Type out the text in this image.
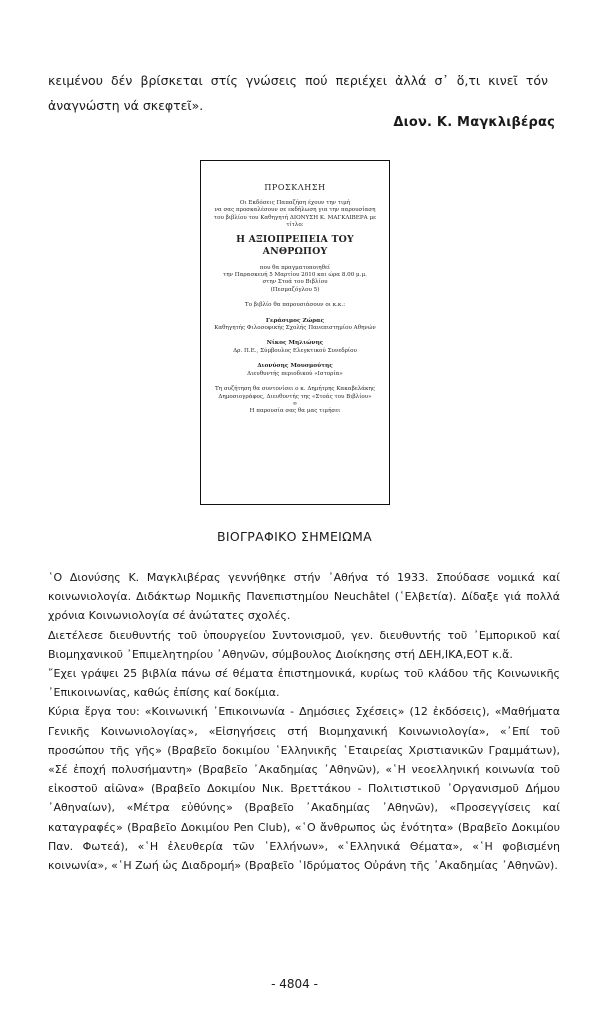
κειμένου δέν βρίσκεται στίς γνώσεις πού περιέχει ἀλλά σ᾿ ὅ,τι κινεῖ τόν ἀναγνώστη νά σκεφτεῖ».

Διον. Κ. Μαγκλιβέρας

ΠΡΟΣΚΛΗΣΗ

Οι Εκδόσεις Παπαζήση έχουν την τιμή

να σας προσκαλέσουν σε εκδήλωση για την παρουσίαση

του βιβλίου του Καθηγητή ΔΙΟΝΥΣΗ Κ. ΜΑΓΚΛΙΒΕΡΑ με τίτλο:

Η ΑΞΙΟΠΡΕΠΕΙΑ ΤΟΥ ΑΝΘΡΩΠΟΥ

που θα πραγματοποιηθεί

την Παρασκευή 5 Μαρτίου 2010 και ώρα 8.00 μ.μ.

στην Στοά του Βιβλίου

(Πεσμαζόγλου 5)

Το βιβλίο θα παρουσιάσουν οι κ.κ.:

Γεράσιμος Ζώρας

Καθηγητής Φιλοσοφικής Σχολής Πανεπιστημίου Αθηνών

Νίκος Μηλιώνης

Δρ. Π.Ε., Σύμβουλος Ελεγκτικού Συνεδρίου

Διονύσης Μουσμούτης

Διευθυντής περιοδικού «Ιστορία»

Τη συζήτηση θα συντονίσει ο κ. Δημήτρης Κακαβελάκης

Δημοσιογράφος, Διευθυντής της «Στοάς του Βιβλίου»

∞

Η παρουσία σας θα μας τιμήσει

ΒΙΟΓΡΑΦΙΚΟ ΣΗΜΕΙΩΜΑ

῾Ο Διονύσης Κ. Μαγκλιβέρας γεννήθηκε στήν ᾿Αθήνα τό 1933. Σπούδασε νομικά καί κοινωνιολογία. Διδάκτωρ Νομικῆς Πανεπιστημίου Neuchâtel (῾Ελβετία). Δίδαξε γιά πολλά χρόνια Κοινωνιολογία σέ ἀνώτατες σχολές.

Διετέλεσε διευθυντής τοῦ ὑπουργείου Συντονισμοῦ, γεν. διευθυντής τοῦ ᾿Εμπορικοῦ καί Βιομηχανικοῦ ᾿Επιμελητηρίου ᾿Αθηνῶν, σύμβουλος Διοίκησης στή ΔΕΗ,ΙΚΑ,ΕΟΤ κ.ἄ.

῎Εχει γράψει 25 βιβλία πάνω σέ θέματα ἐπιστημονικά, κυρίως τοῦ κλάδου τῆς Κοινωνικῆς ᾿Επικοινωνίας, καθώς ἐπίσης καί δοκίμια.

Κύρια ἔργα του: «Κοινωνική ᾿Επικοινωνία - Δημόσιες Σχέσεις» (12 ἐκδόσεις), «Μαθήματα Γενικῆς Κοινωνιολογίας», «Εἰσηγήσεις στή Βιομηχανική Κοινωνιολογία», «᾿Επί τοῦ προσώπου τῆς γῆς» (Βραβεῖο δοκιμίου ῾Ελληνικῆς ῾Εταιρείας Χριστιανικῶν Γραμμάτων), «Σέ ἐποχή πολυσήμαντη» (Βραβεῖο ᾿Ακαδημίας ᾿Αθηνῶν), «῾Η νεοελληνική κοινωνία τοῦ εἰκοστοῦ αἰῶνα» (Βραβεῖο Δοκιμίου Νικ. Βρεττάκου - Πολιτιστικοῦ ᾿Οργανισμοῦ Δήμου ᾿Αθηναίων), «Μέτρα εὐθύνης» (Βραβεῖο ᾿Ακαδημίας ᾿Αθηνῶν), «Προσεγγίσεις καί καταγραφές» (Βραβεῖο Δοκιμίου Pen Club), «῾Ο ἄνθρωπος ὡς ἑνότητα» (Βραβεῖο Δοκιμίου Παν. Φωτεά), «῾Η ἐλευθερία τῶν ῾Ελλήνων», «῾Ελληνικά Θέματα», «῾Η φοβισμένη κοινωνία», «῾Η Ζωή ὡς Διαδρομή» (Βραβεῖο ῾Ιδρύματος Οὐράνη τῆς ᾿Ακαδημίας ᾿Αθηνῶν).

- 4804 -
